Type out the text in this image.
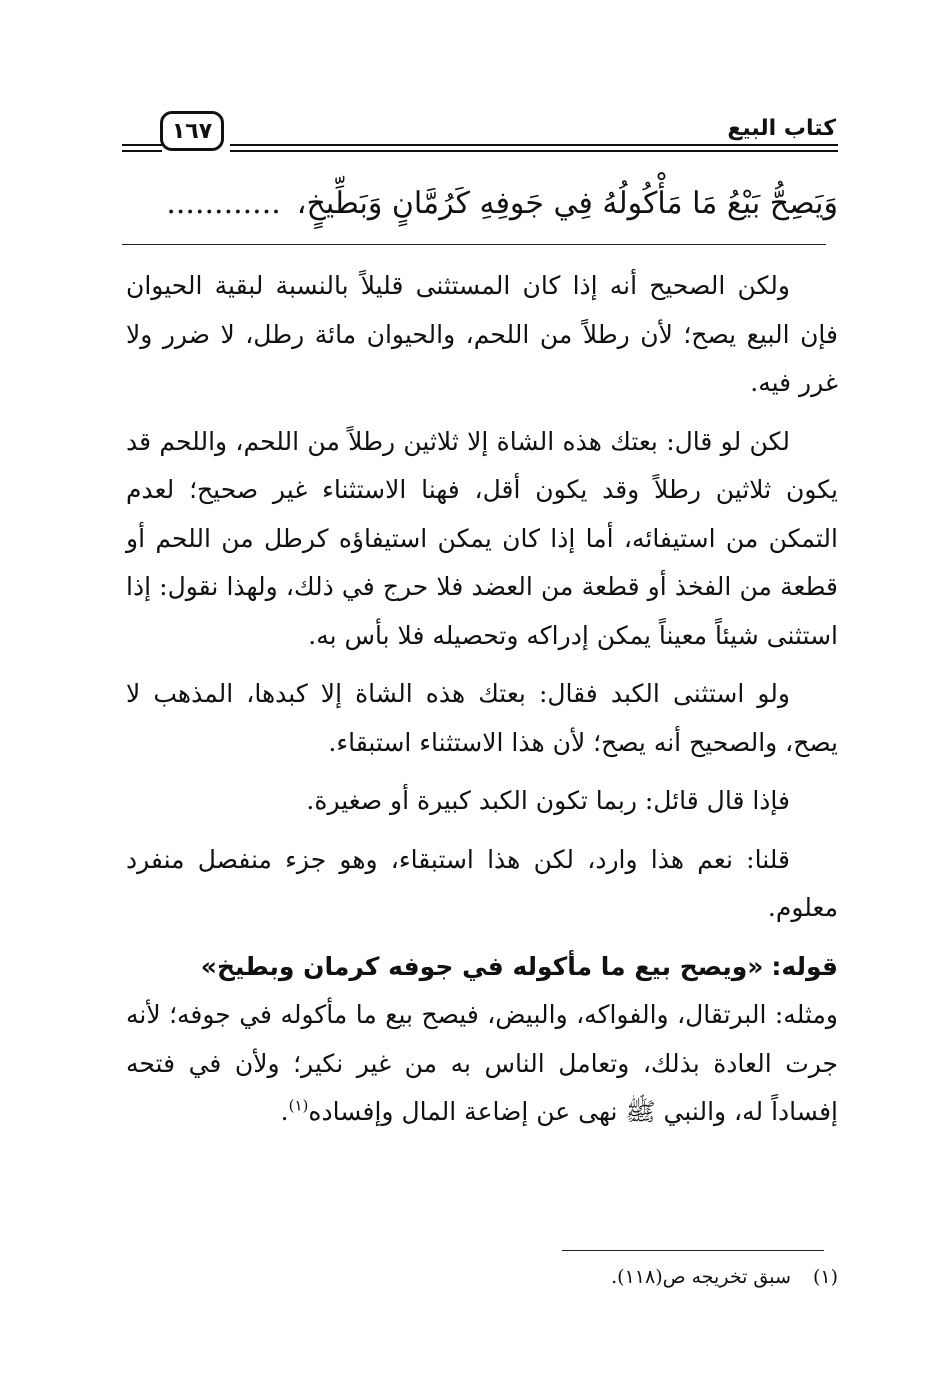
كتاب البيع
١٦٧
وَيَصِحُّ بَيْعُ مَا مَأْكُولُهُ فِي جَوفِهِ كَرُمَّانٍ وَبَطِّيخٍ،............

ولكن الصحيح أنه إذا كان المستثنى قليلاً بالنسبة لبقية الحيوان فإن البيع يصح؛ لأن رطلاً من اللحم، والحيوان مائة رطل، لا ضرر ولا غرر فيه.

لكن لو قال: بعتك هذه الشاة إلا ثلاثين رطلاً من اللحم، واللحم قد يكون ثلاثين رطلاً وقد يكون أقل، فهنا الاستثناء غير صحيح؛ لعدم التمكن من استيفائه، أما إذا كان يمكن استيفاؤه كرطل من اللحم أو قطعة من الفخذ أو قطعة من العضد فلا حرج في ذلك، ولهذا نقول: إذا استثنى شيئاً معيناً يمكن إدراكه وتحصيله فلا بأس به.

ولو استثنى الكبد فقال: بعتك هذه الشاة إلا كبدها، المذهب لا يصح، والصحيح أنه يصح؛ لأن هذا الاستثناء استبقاء.

فإذا قال قائل: ربما تكون الكبد كبيرة أو صغيرة.

قلنا: نعم هذا وارد، لكن هذا استبقاء، وهو جزء منفصل منفرد معلوم.

قوله: «ويصح بيع ما مأكوله في جوفه كرمان وبطيخ»
ومثله: البرتقال، والفواكه، والبيض، فيصح بيع ما مأكوله في جوفه؛ لأنه جرت العادة بذلك، وتعامل الناس به من غير نكير؛ ولأن في فتحه إفساداً له، والنبي ﷺ نهى عن إضاعة المال وإفساده$^{(١)}$.

(١)سبق تخريجه ص(١١٨).
